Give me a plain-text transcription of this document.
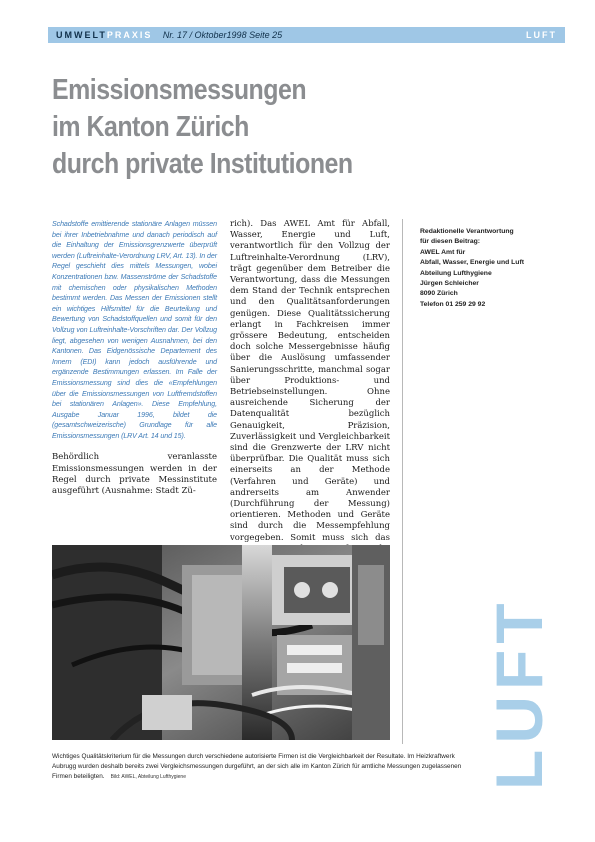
UMWELTPRAXIS Nr. 17 / Oktober1998 Seite 25	LUFT
Emissionsmessungen
im Kanton Zürich
durch private Institutionen

Schadstoffe emittierende stationäre Anlagen müssen bei ihrer Inbetriebnahme und danach periodisch auf die Einhaltung der Emissionsgrenzwerte überprüft werden (Luftreinhalte-Verordnung LRV, Art. 13). In der Regel geschieht dies mittels Messungen, wobei Konzentrationen bzw. Massenströme der Schadstoffe mit chemischen oder physikalischen Methoden bestimmt werden. Das Messen der Emissionen stellt ein wichtiges Hilfsmittel für die Beurteilung und Bewertung von Schadstoffquellen und somit für den Vollzug von Luftreinhalte-Vorschriften dar. Der Vollzug liegt, abgesehen von wenigen Ausnahmen, bei den Kantonen. Das Eidgenössische Departement des Innern (EDI) kann jedoch ausführende und ergänzende Bestimmungen erlassen. Im Falle der Emissionsmessung sind dies die «Empfehlungen über die Emissionsmessungen von Luftfremdstoffen bei stationären Anlagen». Diese Empfehlung, Ausgabe Januar 1996, bildet die (gesamtschweizerische) Grundlage für alle Emissionsmessungen (LRV Art. 14 und 15).

Behördlich veranlasste Emissionsmessungen werden in der Regel durch private Messinstitute ausgeführt (Ausnahme: Stadt Zü-

rich). Das AWEL Amt für Abfall, Wasser, Energie und Luft, verantwortlich für den Vollzug der Luftreinhalte-Verordnung (LRV), trägt gegenüber dem Betreiber die Verantwortung, dass die Messungen dem Stand der Technik entsprechen und den Qualitätsanforderungen genügen. Diese Qualitätssicherung erlangt in Fachkreisen immer grössere Bedeutung, entscheiden doch solche Messergebnisse häufig über die Auslösung umfassender Sanierungsschritte, manchmal sogar über Produktions- und Betriebseinstellungen. Ohne ausreichende Sicherung der Datenqualität bezüglich Genauigkeit, Präzision, Zuverlässigkeit und Vergleichbarkeit sind die Grenzwerte der LRV nicht überprüfbar. Die Qualität muss sich einerseits an der Methode (Verfahren und Geräte) und andrerseits am Anwender (Durchführung der Messung) orientieren. Methoden und Geräte sind durch die Messempfehlung vorgegeben. Somit muss sich das

Redaktionelle Verantwortung
für diesen Beitrag:
AWEL Amt für
Abfall, Wasser, Energie und Luft
Abteilung Lufthygiene
Jürgen Schleicher
8090 Zürich
Telefon 01 259 29 92
LUFT

Wichtiges Qualitätskriterium für die Messungen durch verschiedene autorisierte Firmen ist die Vergleichbarkeit der Resultate. Im Heizkraftwerk Aubrugg wurden deshalb bereits zwei Vergleichsmessungen durgeführt, an der sich alle im Kanton Zürich für amtliche Messungen zugelassenen Firmen beteiligten. Bild: AWEL, Abteilung Lufthygiene
